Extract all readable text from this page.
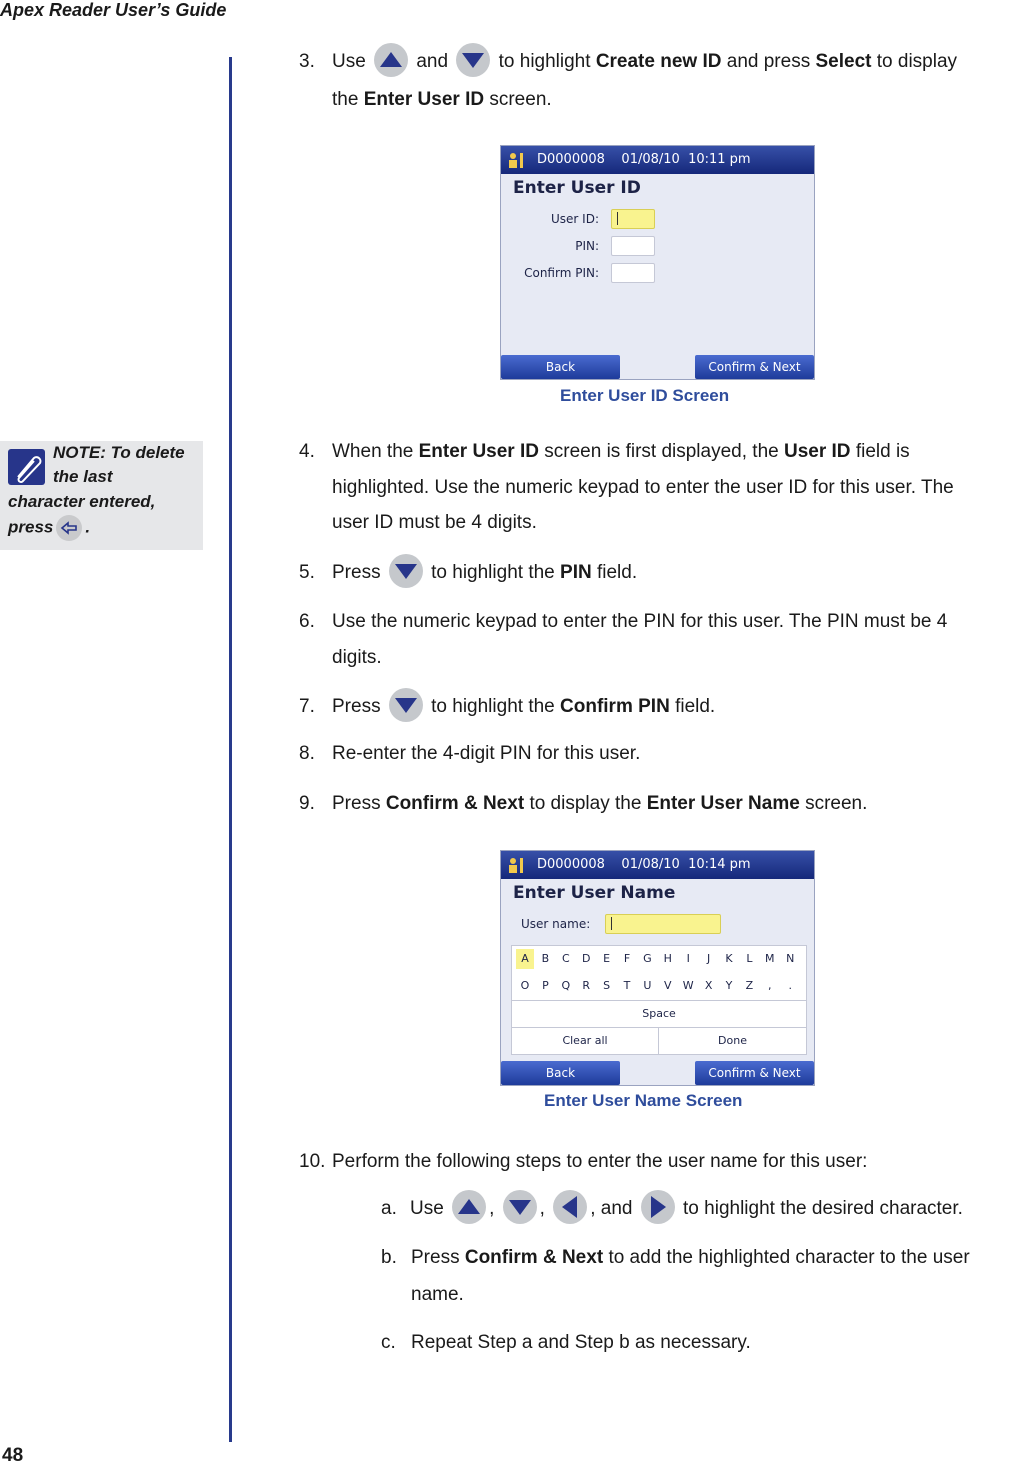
Apex Reader User’s Guide
NOTE: To delete
the last
character entered,
press .
3. Use	and	to highlight Create new ID and press Select to display
the Enter User ID screen.
D0000008    01/08/10  10:11 pm
Enter User ID
User ID:
PIN:
Confirm PIN:
Back	Confirm & Next
Enter User ID Screen
4. When the Enter User ID screen is first displayed, the User ID field is
highlighted. Use the numeric keypad to enter the user ID for this user. The
user ID must be 4 digits.
5. Press	to highlight the PIN field.
6. Use the numeric keypad to enter the PIN for this user. The PIN must be 4
digits.
7. Press	to highlight the Confirm PIN field.
8. Re-enter the 4-digit PIN for this user.
9. Press Confirm & Next to display the Enter User Name screen.
D0000008    01/08/10  10:14 pm
Enter User Name
User name:
A	B	C	D	E	F	G	H	I	J	K	L	M	N
O	P	Q	R	S	T	U	V	W	X	Y	Z	,	.
Space
Clear all	Done
Back	Confirm & Next
Enter User Name Screen
10. Perform the following steps to enter the user name for this user:
a. Use , , , and	to highlight the desired character.
b. Press Confirm & Next to add the highlighted character to the user
name.
c. Repeat Step a and Step b as necessary.
48
